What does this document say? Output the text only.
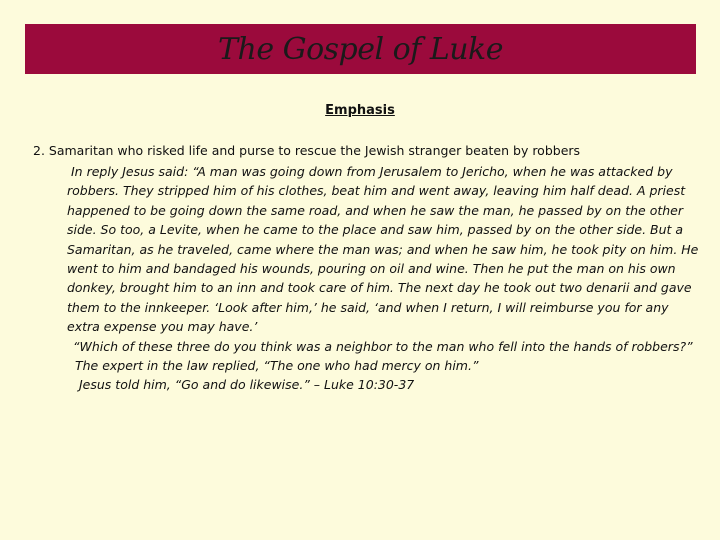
The Gospel of Luke
Emphasis
2. Samaritan who risked life and purse to rescue the Jewish stranger beaten by robbers

In reply Jesus said: “A man was going down from Jerusalem to Jericho, when he was attacked by robbers. They stripped him of his clothes, beat him and went away, leaving him half dead. A priest happened to be going down the same road, and when he saw the man, he passed by on the other side. So too, a Levite, when he came to the place and saw him, passed by on the other side. But a Samaritan, as he traveled, came where the man was; and when he saw him, he took pity on him. He went to him and bandaged his wounds, pouring on oil and wine. Then he put the man on his own donkey, brought him to an inn and took care of him. The next day he took out two denarii and gave them to the innkeeper. ‘Look after him,’ he said, ‘and when I return, I will reimburse you for any extra expense you may have.’

“Which of these three do you think was a neighbor to the man who fell into the hands of robbers?”

The expert in the law replied, “The one who had mercy on him.”

Jesus told him, “Go and do likewise.” – Luke 10:30-37
